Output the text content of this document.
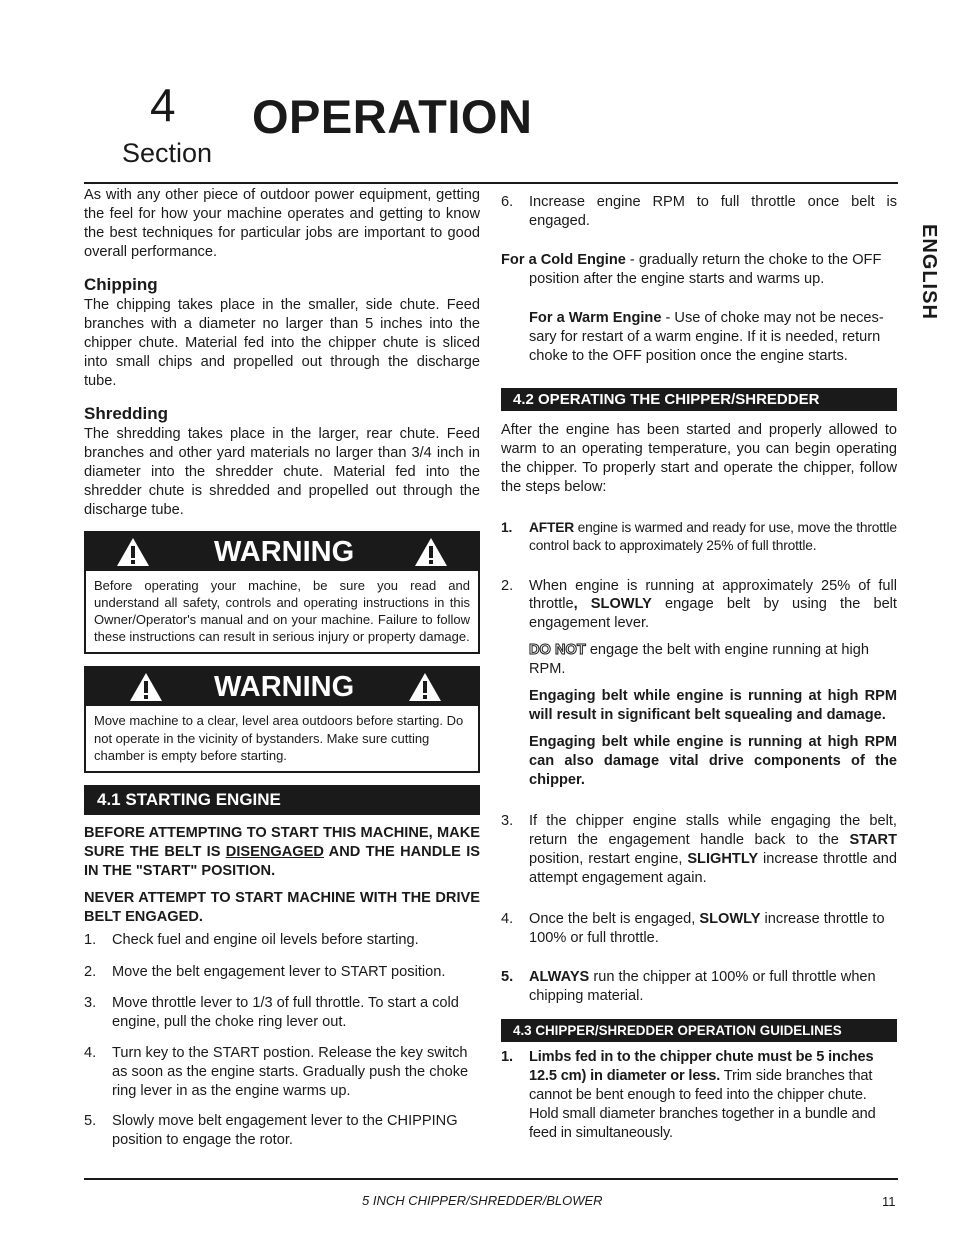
4
Section
OPERATION
ENGLISH

As with any other piece of outdoor power equipment, getting the feel for how your machine operates and getting to know the best techniques for particular jobs are important to good overall performance.

Chipping

The chipping takes place in the smaller, side chute. Feed branches with a diameter no larger than 5 inches into the chipper chute. Material fed into the chipper chute is sliced into small chips and propelled out through the discharge tube.

Shredding

The shredding takes place in the larger, rear chute. Feed branches and other yard materials no larger than 3/4 inch in diameter into the shredder chute. Material fed into the shredder chute is shredded and propelled out through the discharge tube.

WARNING
Before operating your machine, be sure you read and understand all safety, controls and operating instructions in this Owner/Operator's manual and on your machine. Failure to follow these instructions can result in serious injury or property damage.
WARNING
Move machine to a clear, level area outdoors before starting. Do not operate in the vicinity of bystanders. Make sure cutting chamber is empty before starting.
4.1 STARTING ENGINE

BEFORE ATTEMPTING TO START THIS MACHINE, MAKE SURE THE BELT IS DISENGAGED AND THE HANDLE IS IN THE "START" POSITION.

NEVER ATTEMPT TO START MACHINE WITH THE DRIVE BELT ENGAGED.

1. Check fuel and engine oil levels before starting.

2. Move the belt engagement lever to START position.

3. Move throttle lever to 1/3 of full throttle. To start a cold engine, pull the choke ring lever out.

4. Turn key to the START postion. Release the key switch as soon as the engine starts. Gradually push the choke ring lever in as the engine warms up.

5. Slowly move belt engagement lever to the CHIPPING position to engage the rotor.

6. Increase engine RPM to full throttle once belt is engaged.

For a Cold Engine - gradually return the choke to the OFF position after the engine starts and warms up.

For a Warm Engine - Use of choke may not be neces-sary for restart of a warm engine. If it is needed, return choke to the OFF position once the engine starts.

4.2 OPERATING THE CHIPPER/SHREDDER

After the engine has been started and properly allowed to warm to an operating temperature, you can begin operating the chipper. To properly start and operate the chipper, follow the steps below:

1. AFTER engine is warmed and ready for use, move the throttle control back to approximately 25% of full throttle.

2. When engine is running at approximately 25% of full throttle, SLOWLY engage belt by using the belt engagement lever.

DO NOT engage the belt with engine running at high RPM.

Engaging belt while engine is running at high RPM will result in significant belt squealing and damage.

Engaging belt while engine is running at high RPM can also damage vital drive components of the chipper.

3. If the chipper engine stalls while engaging the belt, return the engagement handle back to the START position, restart engine, SLIGHTLY increase throttle and attempt engagement again.

4. Once the belt is engaged, SLOWLY increase throttle to 100% or full throttle.

5. ALWAYS run the chipper at 100% or full throttle when chipping material.

4.3 CHIPPER/SHREDDER OPERATION GUIDELINES
1. Limbs fed in to the chipper chute must be 5 inches 12.5 cm) in diameter or less. Trim side branches that cannot be bent enough to feed into the chipper chute. Hold small diameter branches together in a bundle and feed in simultaneously.

5 INCH CHIPPER/SHREDDER/BLOWER	11
